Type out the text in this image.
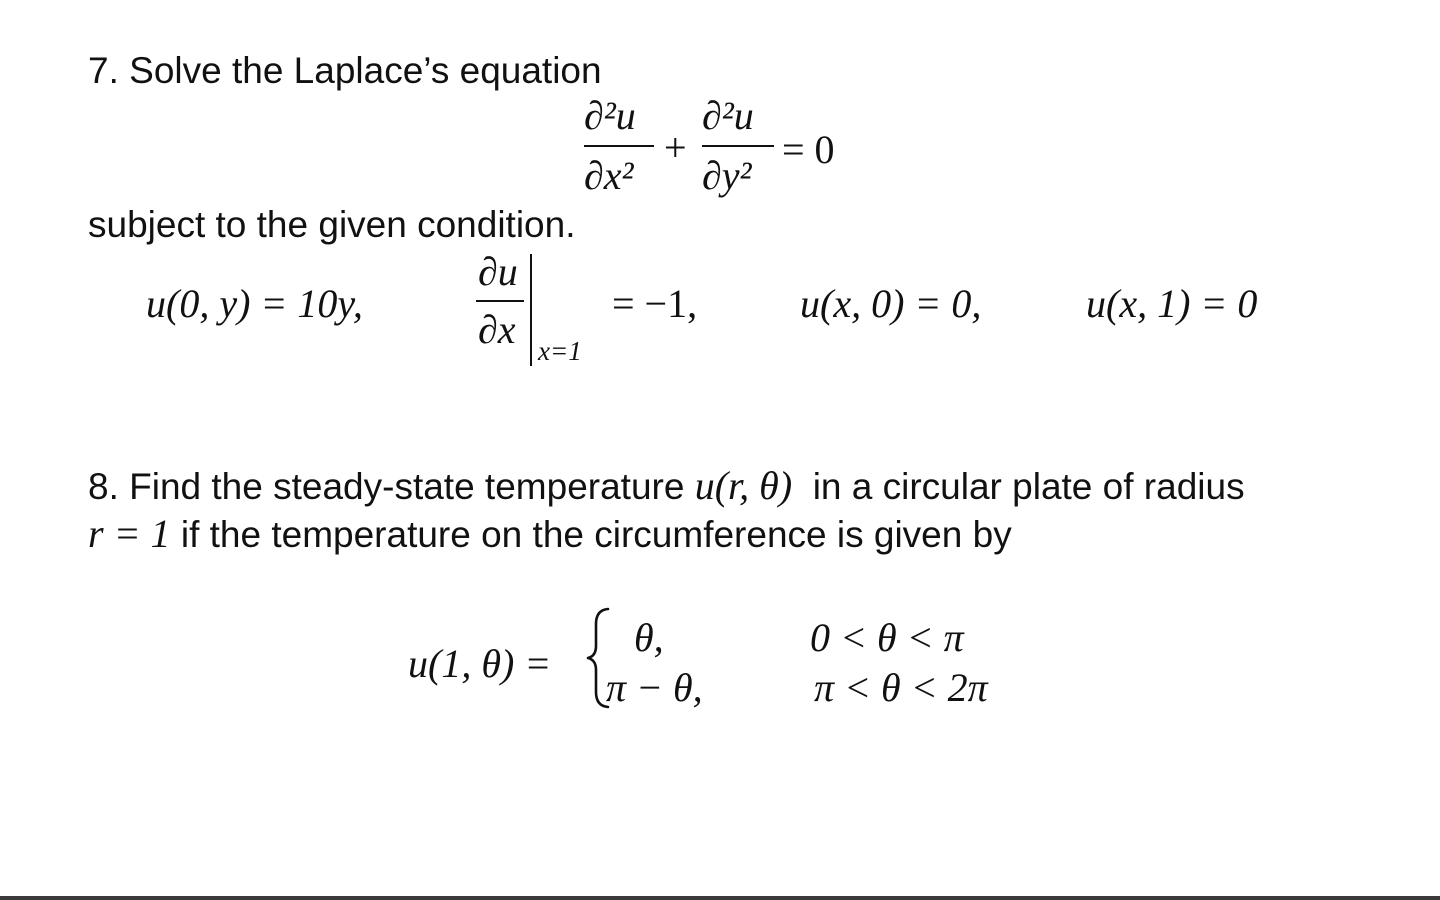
7. Solve the Laplace’s equation
∂²u
∂x²
+
∂²u
∂y²
= 0
subject to the given condition.
u(0, y) = 10y,
∂u
∂x x=1
= −1,	u(x, 0) = 0,	u(x, 1) = 0
8. Find the steady-state temperature u(r, θ) in a circular plate of radius
r = 1 if the temperature on the circumference is given by
u(1, θ) =
θ,	0 < θ < π
π − θ,	π < θ < 2π
